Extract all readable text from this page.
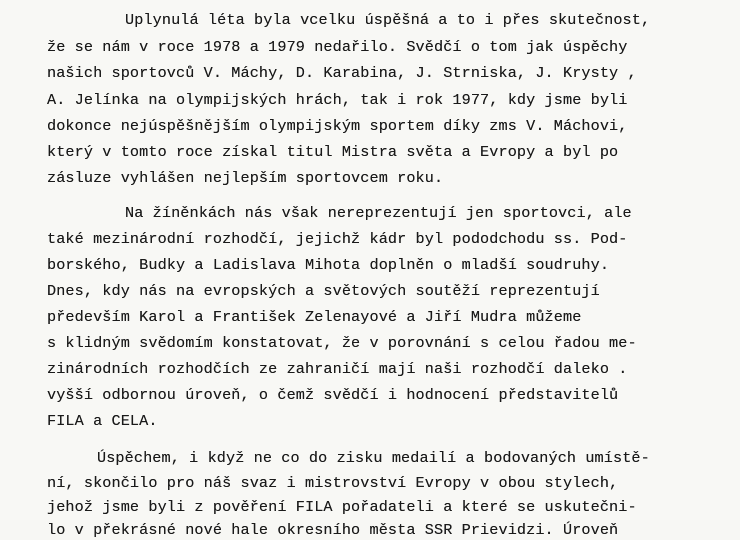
Uplynulá léta byla vcelku úspěšná a to i přes skutečnost,
že se nám v roce 1978 a 1979 nedařilo. Svědčí o tom jak úspěchy
našich sportovců V. Máchy, D. Karabina, J. Strniska, J. Krysty ,
A. Jelínka na olympijských hrách, tak i rok 1977, kdy jsme byli
dokonce nejúspěšnějším olympijským sportem díky zms V. Máchovi,
který v tomto roce získal titul Mistra světa a Evropy a byl po
zásluze vyhlášen nejlepším sportovcem roku.
Na žíněnkách nás však nereprezentují jen sportovci, ale
také mezinárodní rozhodčí, jejichž kádr byl pododchodu ss. Pod-
borského, Budky a Ladislava Mihota doplněn o mladší soudruhy.
Dnes, kdy nás na evropských a světových soutěží reprezentují
především Karol a František Zelenayové a Jiří Mudra můžeme
s klidným svědomím konstatovat, že v porovnání s celou řadou me-
zinárodních rozhodčích ze zahraničí mají naši rozhodčí daleko .
vyšší odbornou úroveň, o čemž svědčí i hodnocení představitelů
FILA a CELA.
Úspěchem, i když ne co do zisku medailí a bodovaných umístě-
ní, skončilo pro náš svaz i mistrovství Evropy v obou stylech,
jehož jsme byli z pověření FILA pořadateli a které se uskutečni-
lo v překrásné nové hale okresního města SSR Prievidzi. Úroveň
